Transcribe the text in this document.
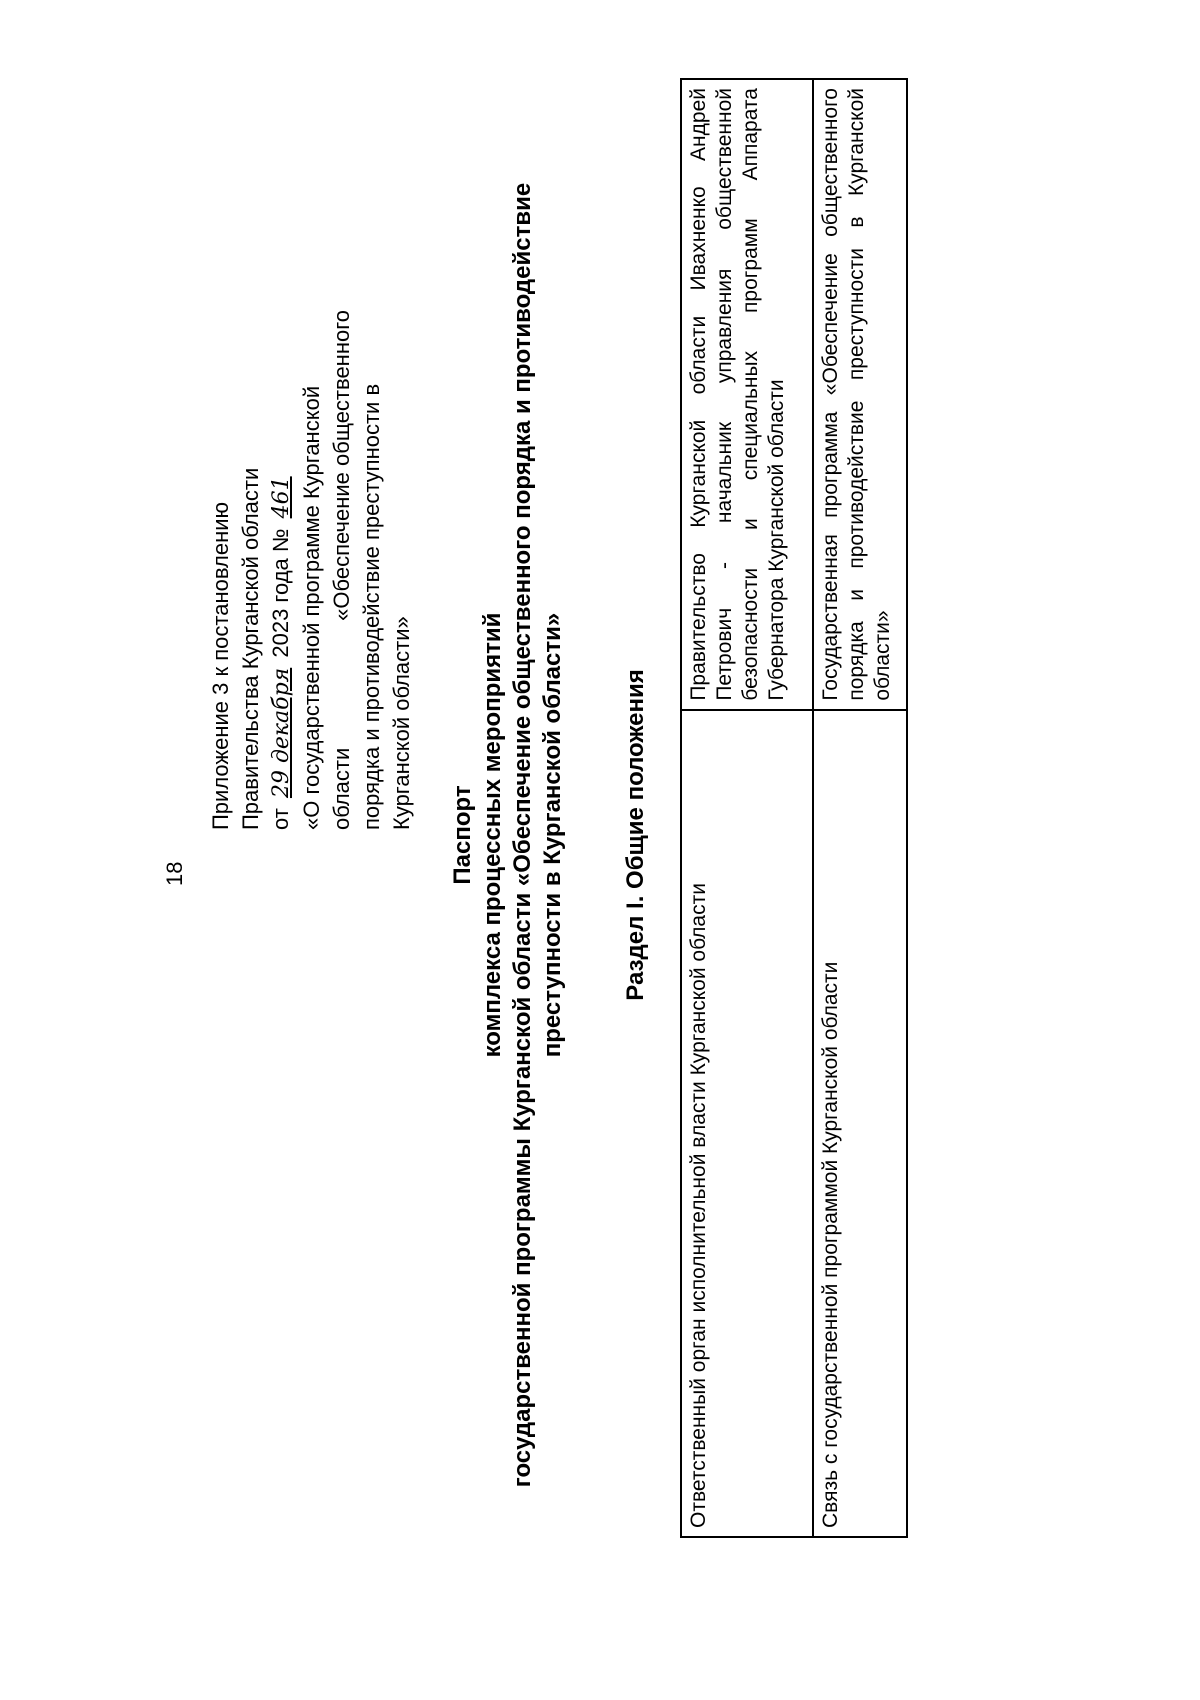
18
Приложение 3 к постановлению Правительства Курганской области от 29 декабря 2023 года № 461 «О государственной программе Курганской области
«Обеспечение общественного порядка и противодействие преступности в Курганской области»
Паспорт комплекса процессных мероприятий государственной программы Курганской области «Обеспечение общественного порядка и противодействие преступности в Курганской области» Раздел I. Общие положения
Ответственный орган исполнительной власти Курганской области	Правительство Курганской области Ивахненко Андрей Петрович - начальник управления общественной безопасности и специальных программ Аппарата Губернатора Курганской области
Связь с государственной программой Курганской области	Государственная программа «Обеспечение общественного порядка и противодействие преступности в Курганской области»
